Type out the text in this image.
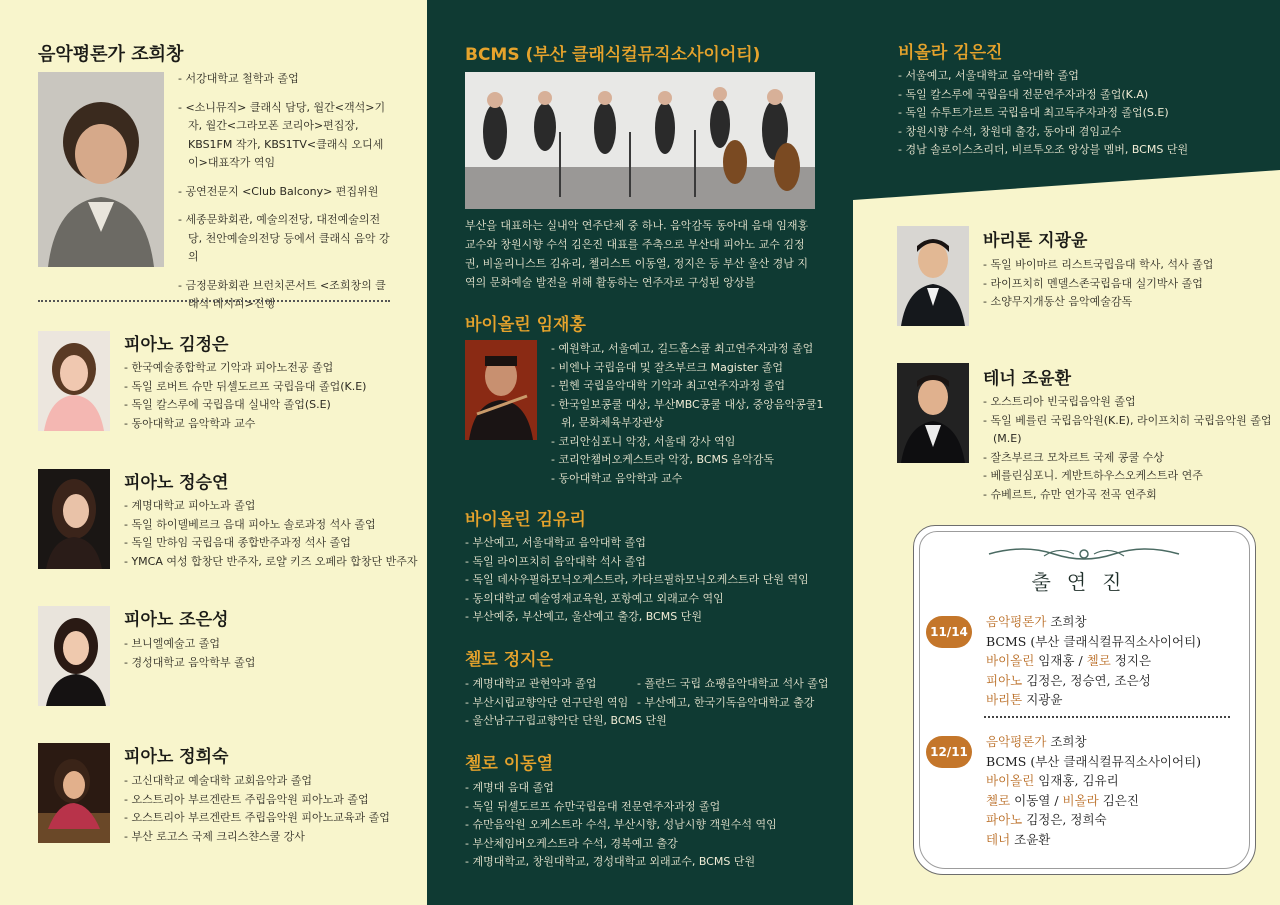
음악평론가 조희창
- 서강대학교 철학과 졸업
- <소니뮤직> 클래식 담당, 월간<객석>기자, 월간<그라모폰 코리아>편집장, KBS1FM 작가, KBS1TV<클래식 오디세이>대표작가 역임
- 공연전문지 <Club Balcony> 편집위원
- 세종문화회관, 예술의전당, 대전예술의전당, 천안예술의전당 등에서 클래식 음악 강의
- 금정문화회관 브런치콘서트 <조희창의 클래식 레시피>진행
피아노 김정은
- 한국예술종합학교 기악과 피아노전공 졸업
- 독일 로버트 슈만 뒤셀도르프 국립음대 졸업(K.E)
- 독일 칼스루에 국립음대 실내악 졸업(S.E)
- 동아대학교 음악학과 교수
피아노 정승연
- 계명대학교 피아노과 졸업
- 독일 하이델베르크 음대 피아노 솔로과정 석사 졸업
- 독일 만하임 국립음대 종합반주과정 석사 졸업
- YMCA 여성 합창단 반주자, 로얄 키즈 오페라 합창단 반주자
피아노 조은성
- 브니엘예술고 졸업
- 경성대학교 음악학부 졸업
피아노 정희숙
- 고신대학교 예술대학 교회음악과 졸업
- 오스트리아 부르겐란트 주립음악원 피아노과 졸업
- 오스트리아 부르겐란트 주립음악원 피아노교육과 졸업
- 부산 로고스 국제 크리스챤스쿨 강사
BCMS (부산 클래식컬뮤직소사이어티)
부산을 대표하는 실내악 연주단체 중 하나. 음악감독 동아대 음대 임재홍 교수와 창원시향 수석 김은진 대표를 주축으로 부산대 피아노 교수 김정권, 비올리니스트 김유리, 첼리스트 이동열, 정지은 등 부산 울산 경남 지역의 문화예술 발전을 위해 활동하는 연주자로 구성된 앙상블
바이올린 임재홍
- 예원학교, 서울예고, 길드홀스쿨 최고연주자과정 졸업
- 비엔나 국립음대 및 잘츠부르크 Magister 졸업
- 뮌헨 국립음악대학 기악과 최고연주자과정 졸업
- 한국일보콩쿨 대상, 부산MBC콩쿨 대상, 중앙음악콩쿨1위, 문화체육부장관상
- 코리안심포니 악장, 서울대 강사 역임
- 코리안챔버오케스트라 악장, BCMS 음악감독
- 동아대학교 음악학과 교수
바이올린 김유리
- 부산예고, 서울대학교 음악대학 졸업
- 독일 라이프치히 음악대학 석사 졸업
- 독일 데사우필하모닉오케스트라, 카타르필하모닉오케스트라 단원 역임
- 동의대학교 예술영재교육원, 포항예고 외래교수 역임
- 부산예중, 부산예고, 울산예고 출강, BCMS 단원
첼로 정지은
- 계명대학교 관현악과 졸업
- 부산시립교향악단 연구단원 역임
- 울산남구구립교향악단 단원, BCMS 단원
- 폴란드 국립 쇼팽음악대학교 석사 졸업
- 부산예고, 한국기독음악대학교 출강
첼로 이동열
- 계명대 음대 졸업
- 독일 뒤셀도르프 슈만국립음대 전문연주자과정 졸업
- 슈만음악원 오케스트라 수석, 부산시향, 성남시향 객원수석 역임
- 부산체임버오케스트라 수석, 경북예고 출강
- 계명대학교, 창원대학교, 경성대학교 외래교수, BCMS 단원
비올라 김은진
- 서울예고, 서울대학교 음악대학 졸업
- 독일 칼스루에 국립음대 전문연주자과정 졸업(K.A)
- 독일 슈투트가르트 국립음대 최고독주자과정 졸업(S.E)
- 창원시향 수석, 창원대 출강, 동아대 겸임교수
- 경남 솔로이스츠리더, 비르투오조 앙상블 멤버, BCMS 단원
바리톤 지광윤
- 독일 바이마르 리스트국립음대 학사, 석사 졸업
- 라이프치히 멘델스존국립음대 실기박사 졸업
- 소양무지개동산 음악예술감독
테너 조윤환
- 오스트리아 빈국립음악원 졸업
- 독일 베를린 국립음악원(K.E), 라이프치히 국립음악원 졸업(M.E)
- 잘츠부르크 모차르트 국제 콩쿨 수상
- 베를린심포니. 게반트하우스오케스트라 연주
- 슈베르트, 슈만 연가곡 전곡 연주회
출연진
11/14
음악평론가 조희창
BCMS (부산 클래식컬뮤직소사이어티)
바이올린 임재홍 / 첼로 정지은
피아노 김정은, 정승연, 조은성
바리톤 지광윤
12/11
음악평론가 조희창
BCMS (부산 클래식컬뮤직소사이어티)
바이올린 임재홍, 김유리
첼로 이동열 / 비올라 김은진
파아노 김정은, 정희숙
테너 조윤환
